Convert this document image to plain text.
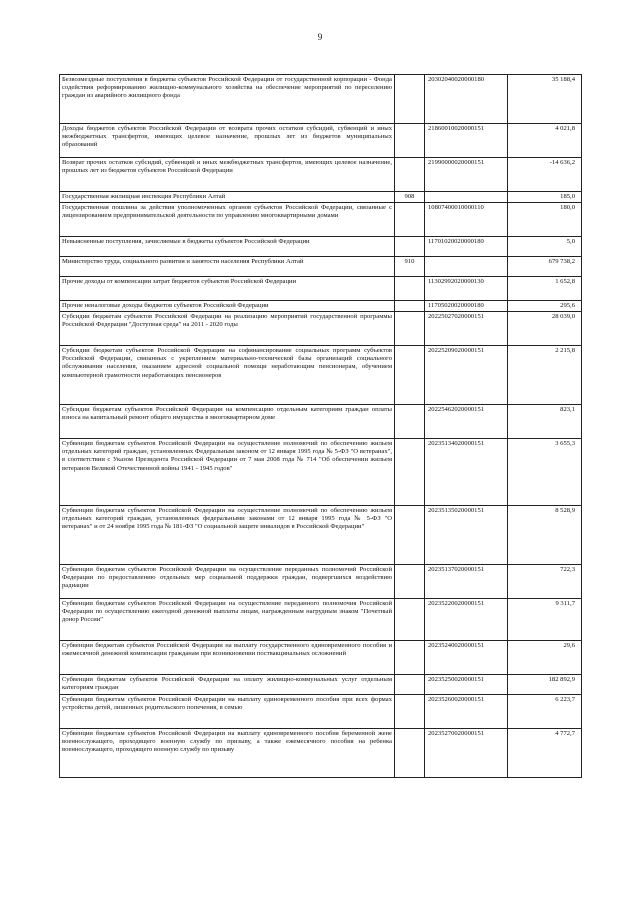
9
Безвозмездные поступления в бюджеты субъектов Российской Федерации от государственной корпорации - Фонда содействия реформированию жилищно-коммунального хозяйства на обеспечение мероприятий по переселению граждан из аварийного жилищного фонда		20302040020000180	35 188,4
Доходы бюджетов субъектов Российской Федерации от возврата прочих остатков субсидий, субвенций и иных межбюджетных трансфертов, имеющих целевое назначение, прошлых лет из бюджетов муниципальных образований		21860010020000151	4 021,8
Возврат прочих остатков субсидий, субвенций и иных межбюджетных трансфертов, имеющих целевое назначение, прошлых лет из бюджетов субъектов Российской Федерации		21990000020000151	-14 636,2
Государственная жилищная инспекция Республики Алтай	908		185,0
Государственная пошлина за действия уполномоченных органов субъектов Российской Федерации, связанные с лицензированием предпринимательской деятельности по управлению многоквартирными домами		10807400010000110	180,0
Невыясненные поступления, зачисляемые в бюджеты субъектов Российской Федерации		11701020020000180	5,0
Министерство труда, социального развития и занятости населения Республики Алтай	910		679 738,2
Прочие доходы от компенсации затрат бюджетов субъектов Российской Федерации		11302992020000130	1 652,8
Прочие неналоговые доходы бюджетов субъектов Российской Федерации		11705020020000180	295,6
Субсидии бюджетам субъектов Российской Федерации на реализацию мероприятий государственной программы Российской Федерации "Доступная среда" на 2011 - 2020 годы		20225027020000151	28 039,0
Субсидии бюджетам субъектов Российской Федерации на софинансирование социальных программ субъектов Российской Федерации, связанных с укреплением материально-технической базы организаций социального обслуживания населения, оказанием адресной социальной помощи неработающим пенсионерам, обучением компьютерной грамотности неработающих пенсионеров		20225209020000151	2 215,8
Субсидии бюджетам субъектов Российской Федерации на компенсацию отдельным категориям граждан оплаты взноса на капитальный ремонт общего имущества в многоквартирном доме		20225462020000151	823,1
Субвенции бюджетам субъектов Российской Федерации на осуществление полномочий по обеспечению жильем отдельных категорий граждан, установленных Федеральным законом от 12 января 1995 года № 5-ФЗ "О ветеранах", в соответствии с Указом Президента Российской Федерации от 7 мая 2008 года № 714 "Об обеспечении жильем ветеранов Великой Отечественной войны 1941 - 1945 годов"		20235134020000151	3 655,3
Субвенции бюджетам субъектов Российской Федерации на осуществление полномочий по обеспечению жильем отдельных категорий граждан, установленных федеральными законами от 12 января 1995 года № 5-ФЗ "О ветеранах" и от 24 ноября 1995 года № 181-ФЗ "О социальной защите инвалидов в Российской Федерации"		20235135020000151	8 528,9
Субвенции бюджетам субъектов Российской Федерации на осуществление переданных полномочий Российской Федерации по предоставлению отдельных мер социальной поддержки граждан, подвергшихся воздействию радиации		20235137020000151	722,3
Субвенции бюджетам субъектов Российской Федерации на осуществление переданного полномочия Российской Федерации по осуществлению ежегодной денежной выплаты лицам, награжденным нагрудным знаком "Почетный донор России"		20235220020000151	9 311,7
Субвенции бюджетам субъектов Российской Федерации на выплату государственного единовременного пособия и ежемесячной денежной компенсации гражданам при возникновении поствакцинальных осложнений		20235240020000151	29,6
Субвенции бюджетам субъектов Российской Федерации на оплату жилищно-коммунальных услуг отдельным категориям граждан		20235250020000151	182 892,9
Субвенции бюджетам субъектов Российской Федерации на выплату единовременного пособия при всех формах устройства детей, лишенных родительского попечения, в семью		20235260020000151	6 223,7
Субвенции бюджетам субъектов Российской Федерации на выплату единовременного пособия беременной жене военнослужащего, проходящего военную службу по призыву, а также ежемесячного пособия на ребенка военнослужащего, проходящего военную службу по призыву		20235270020000151	4 772,7
